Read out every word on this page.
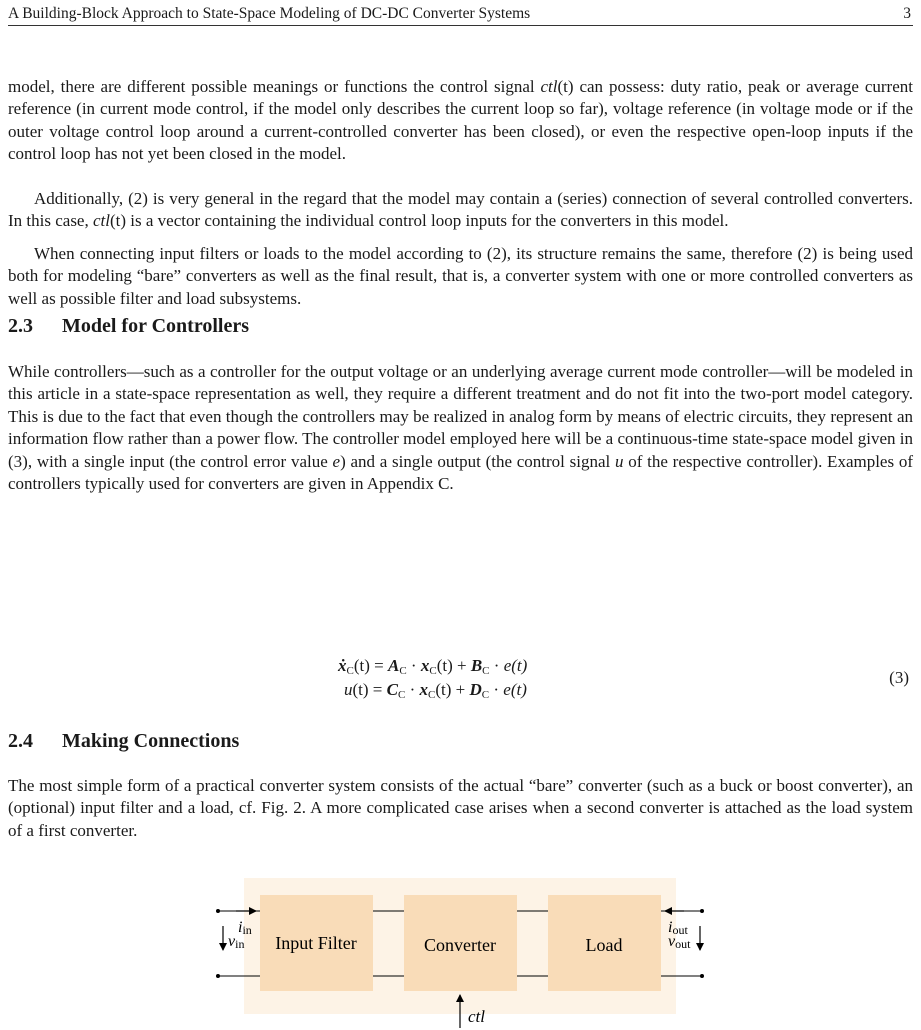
A Building-Block Approach to State-Space Modeling of DC-DC Converter Systems	3

model, there are different possible meanings or functions the control signal ctl(t) can possess: duty ratio, peak or average current reference (in current mode control, if the model only describes the current loop so far), voltage reference (in voltage mode or if the outer voltage control loop around a current-controlled converter has been closed), or even the respective open-loop inputs if the control loop has not yet been closed in the model.

Additionally, (2) is very general in the regard that the model may contain a (series) connection of several controlled converters. In this case, ctl(t) is a vector containing the individual control loop inputs for the converters in this model.

When connecting input filters or loads to the model according to (2), its structure remains the same, therefore (2) is being used both for modeling “bare” converters as well as the final result, that is, a converter system with one or more controlled converters as well as possible filter and load subsystems.

2.3 Model for Controllers

While controllers—such as a controller for the output voltage or an underlying average current mode controller—will be modeled in this article in a state-space representation as well, they require a different treatment and do not fit into the two-port model category. This is due to the fact that even though the controllers may be realized in analog form by means of electric circuits, they represent an information flow rather than a power flow. The controller model employed here will be a continuous-time state-space model given in (3), with a single input (the control error value e) and a single output (the control signal u of the respective controller). Examples of controllers typically used for converters are given in Appendix C.

ẋ$_C$(t) = $A_C \cdot x_C(t) + B_C \cdot e(t)$
$u(t) = C_C \cdot x_C(t) + D_C \cdot e(t)$
(3)
2.4 Making Connections

The most simple form of a practical converter system consists of the actual “bare” converter (such as a buck or boost converter), an (optional) input filter and a load, cf. Fig. 2. A more complicated case arises when a second converter is attached as the load system of a first converter.

Input Filter	Converter	Load
iin
vin
iout
vout
ctl
